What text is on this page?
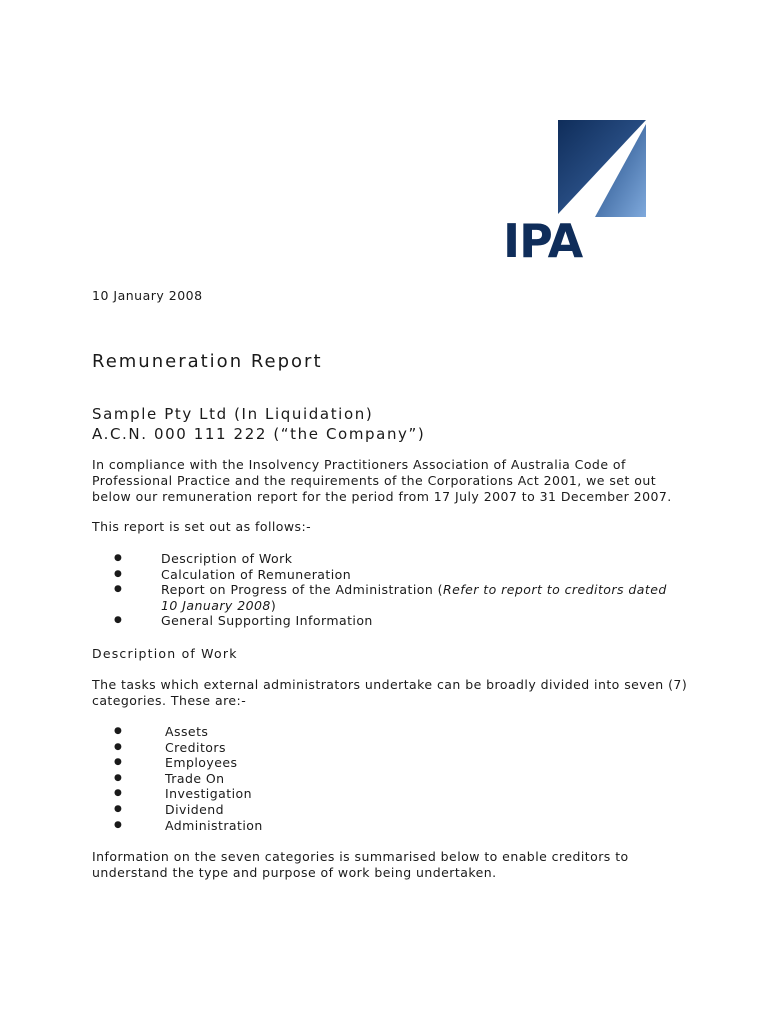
IPA
10 January 2008
Remuneration Report
Sample Pty Ltd (In Liquidation)
A.C.N. 000 111 222 (“the Company”)

In compliance with the Insolvency Practitioners Association of Australia Code of Professional Practice and the requirements of the Corporations Act 2001, we set out below our remuneration report for the period from 17 July 2007 to 31 December 2007.

This report is set out as follows:-

●	Description of Work
●	Calculation of Remuneration
●	Report on Progress of the Administration (Refer to report to creditors dated 10 January 2008)
●	General Supporting Information
Description of Work

The tasks which external administrators undertake can be broadly divided into seven (7) categories. These are:-

●	Assets
●	Creditors
●	Employees
●	Trade On
●	Investigation
●	Dividend
●	Administration

Information on the seven categories is summarised below to enable creditors to understand the type and purpose of work being undertaken.
